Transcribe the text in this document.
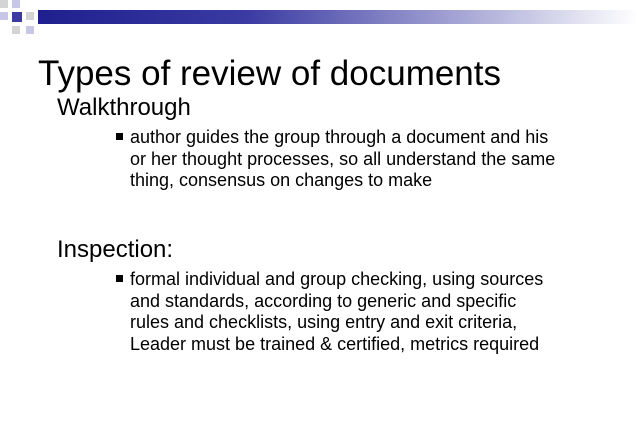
Types of review of documents
Walkthrough
author guides the group through a document and his
or her thought processes, so all understand the same
thing, consensus on changes to make
Inspection:
formal individual and group checking, using sources
and standards, according to generic and specific
rules and checklists, using entry and exit criteria,
Leader must be trained & certified, metrics required
